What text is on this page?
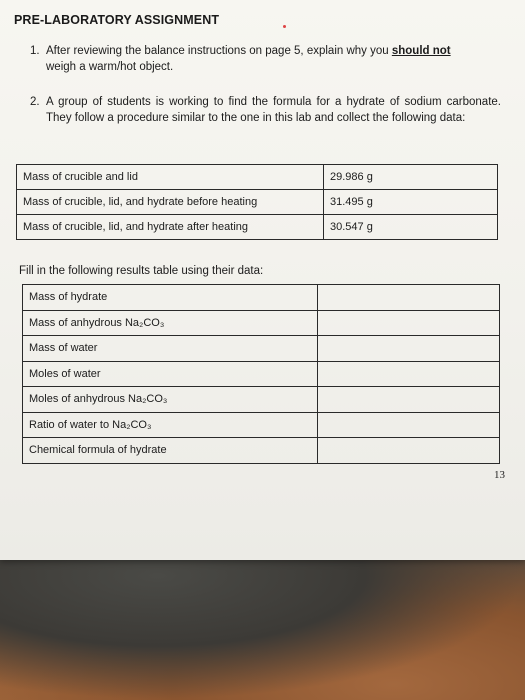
PRE-LABORATORY ASSIGNMENT
1. After reviewing the balance instructions on page 5, explain why you should not
weigh a warm/hot object.
2. A group of students is working to find the formula for a hydrate of sodium carbonate. They follow a procedure similar to the one in this lab and collect the following data:
Mass of crucible and lid	29.986 g
Mass of crucible, lid, and hydrate before heating	31.495 g
Mass of crucible, lid, and hydrate after heating	30.547 g
Fill in the following results table using their data:
Mass of hydrate	
Mass of anhydrous Na₂CO₃	
Mass of water	
Moles of water	
Moles of anhydrous Na₂CO₃	
Ratio of water to Na₂CO₃	
Chemical formula of hydrate	
13
